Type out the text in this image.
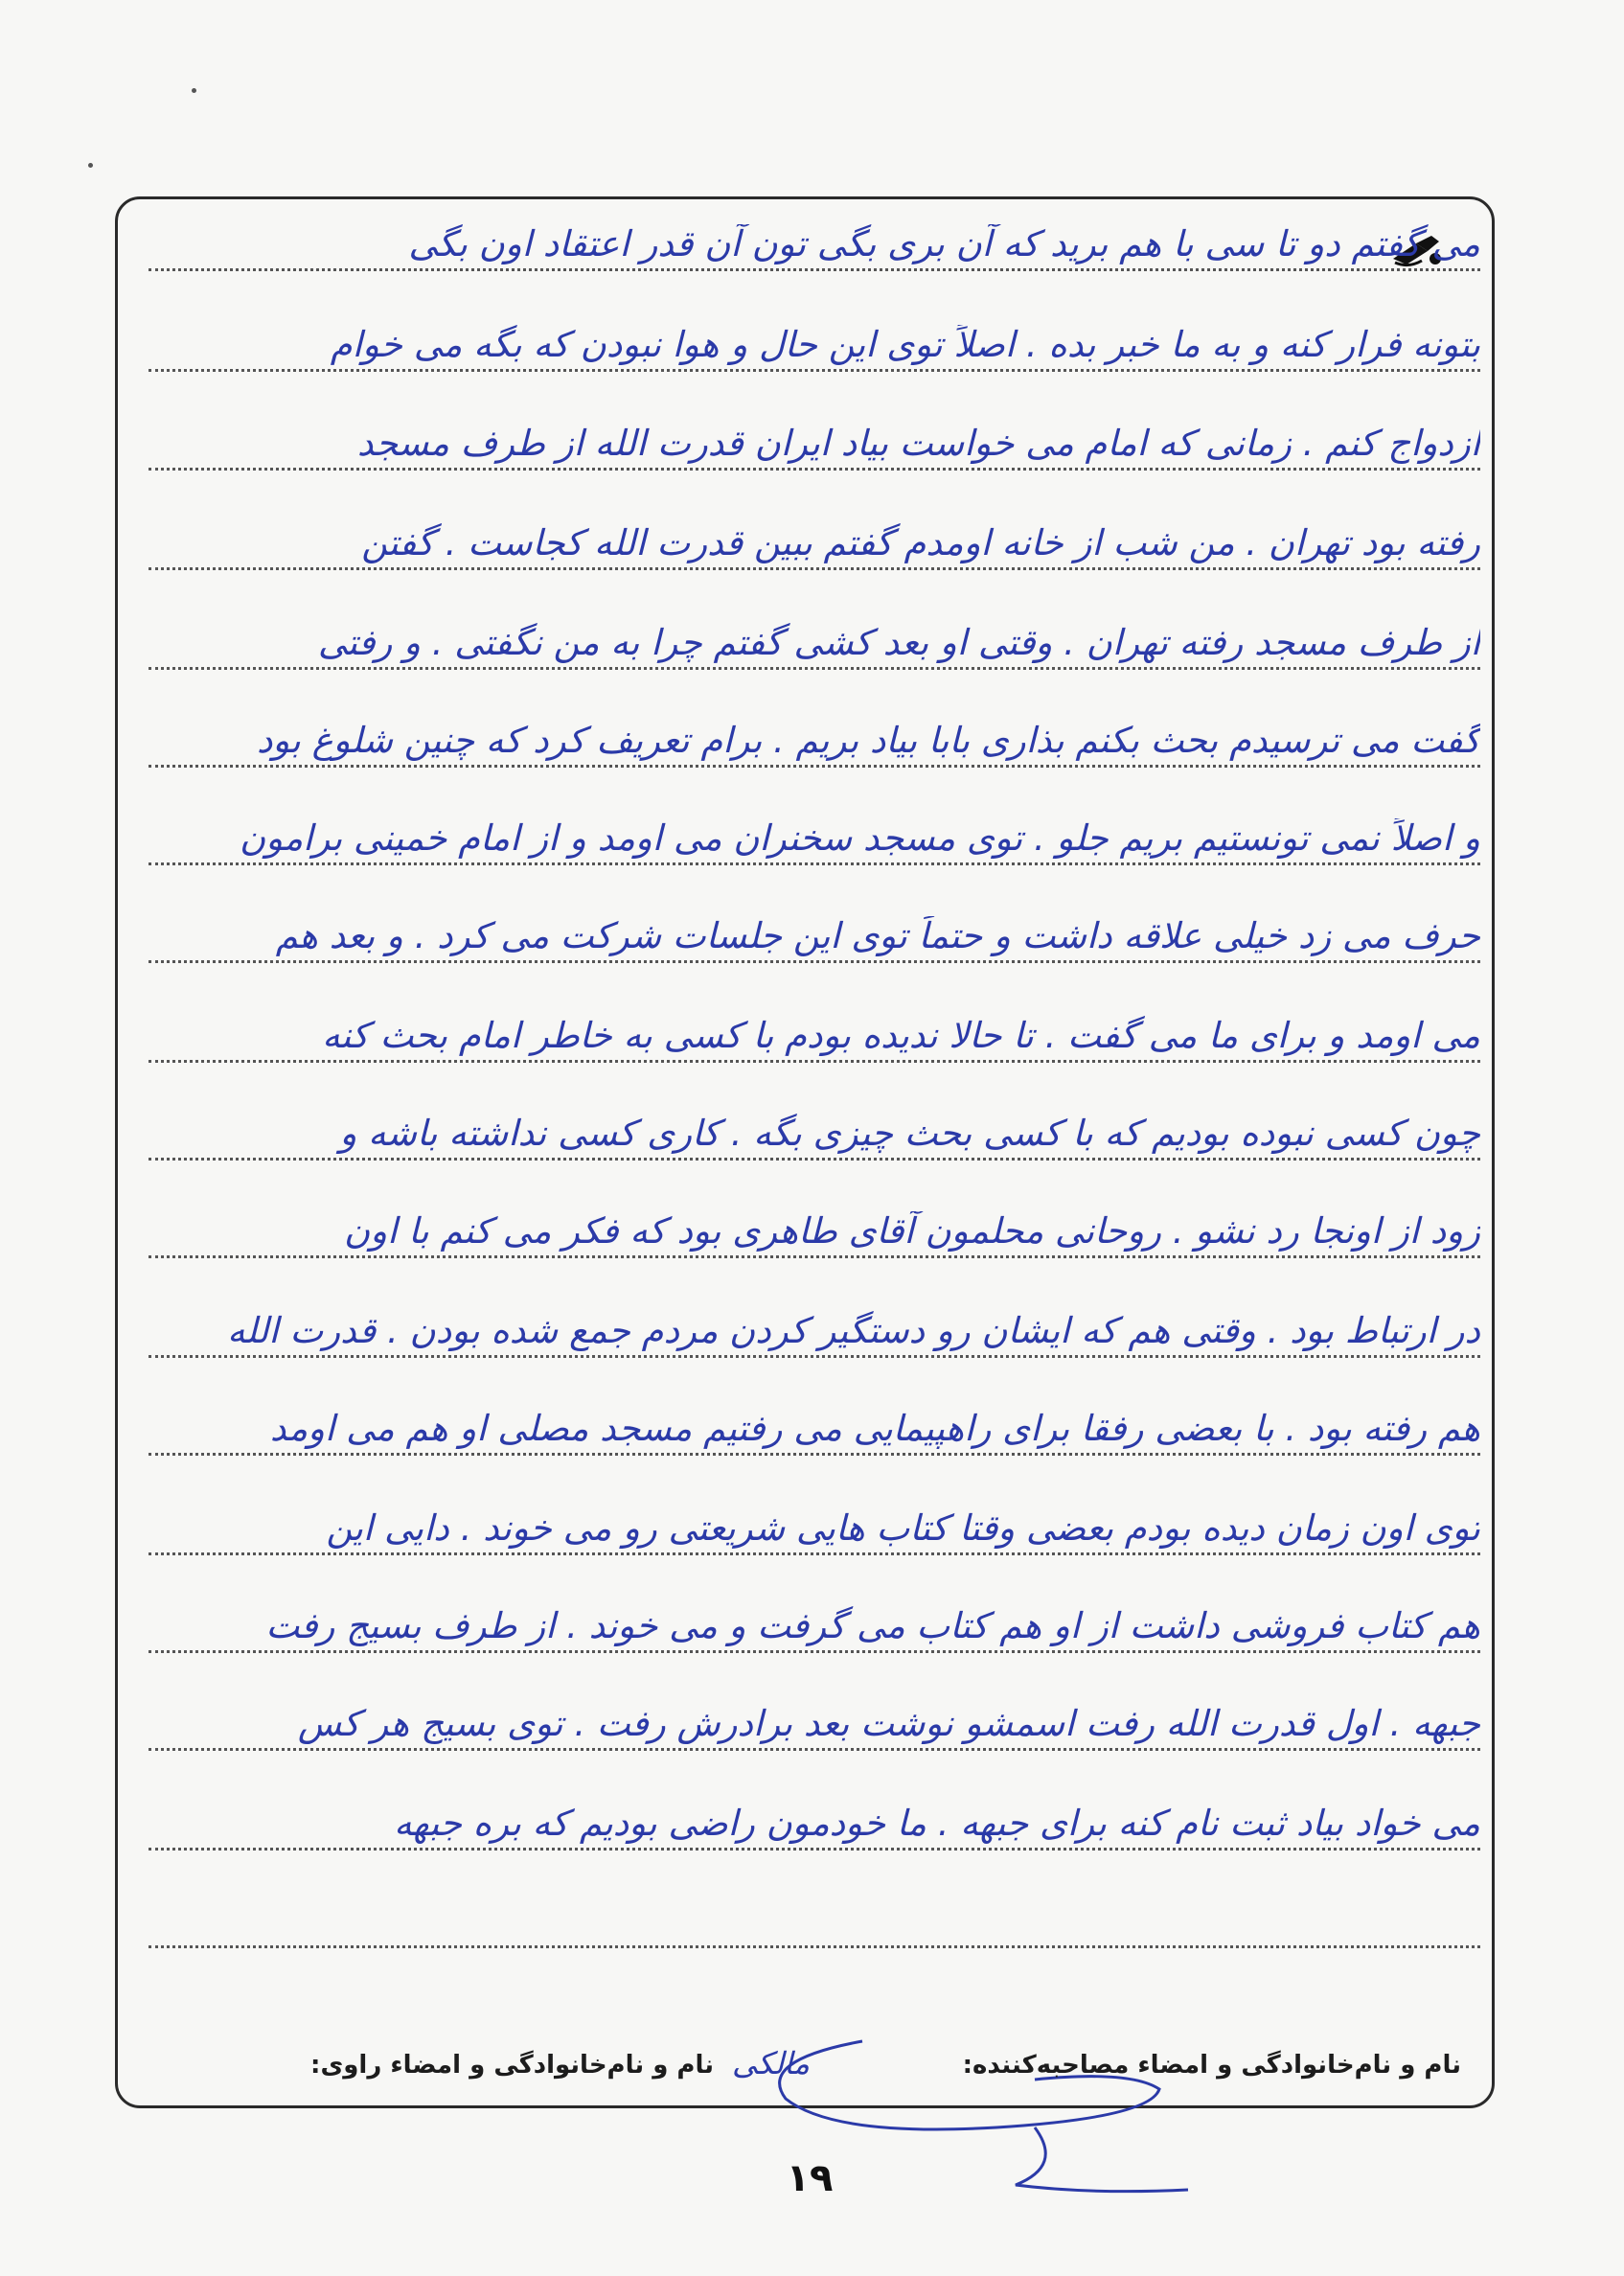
می گفتم دو تا سی با هم برید که آن بری بگی تون آن قدر اعتقاد اون بگی
بتونه فرار کنه و به ما خبر بده . اصلاً توی این حال و هوا نبودن که بگه می خوام
ازدواج کنم . زمانی که امام می خواست بیاد ایران قدرت الله از طرف مسجد
رفته بود تهران . من شب از خانه اومدم گفتم ببین قدرت الله کجاست . گفتن
از طرف مسجد رفته تهران . وقتی او بعد کشی گفتم چرا به من نگفتی . و رفتی
گفت می ترسیدم بحث بکنم بذاری بابا بیاد بریم . برام تعریف کرد که چنین شلوغ بود
و اصلاً نمی تونستیم بریم جلو . توی مسجد سخنران می اومد و از امام خمینی برامون
حرف می زد خیلی علاقه داشت و حتماً توی این جلسات شرکت می کرد . و بعد هم
می اومد و برای ما می گفت . تا حالا ندیده بودم با کسی به خاطر امام بحث کنه
چون کسی نبوده بودیم که با کسی بحث چیزی بگه . کاری کسی نداشته باشه و
زود از اونجا رد نشو . روحانی محلمون آقای طاهری بود که فکر می کنم با اون
در ارتباط بود . وقتی هم که ایشان رو دستگیر کردن مردم جمع شده بودن . قدرت الله
هم رفته بود . با بعضی رفقا برای راهپیمایی می رفتیم مسجد مصلی او هم می اومد
توی اون زمان دیده بودم بعضی وقتا کتاب هایی شریعتی رو می خوند . دایی این
هم کتاب فروشی داشت از او هم کتاب می گرفت و می خوند . از طرف بسیج رفت
جبهه . اول قدرت الله رفت اسمشو نوشت بعد برادرش رفت . توی بسیج هر کس
می خواد بیاد ثبت نام کنه برای جبهه . ما خودمون راضی بودیم که بره جبهه
نام و نام‌خانوادگی و امضاء مصاحبه‌کننده:
مالکی
نام و نام‌خانوادگی و امضاء راوی:
۱۹
